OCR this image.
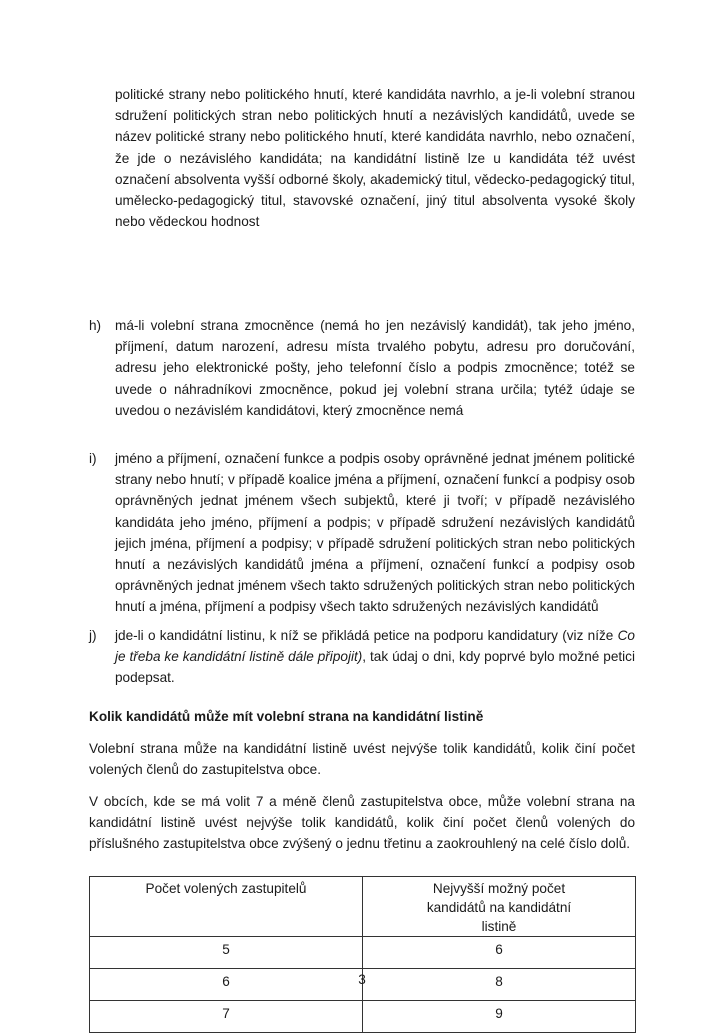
politické strany nebo politického hnutí, které kandidáta navrhlo, a je-li volební stranou sdružení politických stran nebo politických hnutí a nezávislých kandidátů, uvede se název politické strany nebo politického hnutí, které kandidáta navrhlo, nebo označení, že jde o nezávislého kandidáta; na kandidátní listině lze u kandidáta též uvést označení absolventa vyšší odborné školy, akademický titul, vědecko-pedagogický titul, umělecko-pedagogický titul, stavovské označení, jiný titul absolventa vysoké školy nebo vědeckou hodnost
h) má-li volební strana zmocněnce (nemá ho jen nezávislý kandidát), tak jeho jméno, příjmení, datum narození, adresu místa trvalého pobytu, adresu pro doručování, adresu jeho elektronické pošty, jeho telefonní číslo a podpis zmocněnce; totéž se uvede o náhradníkovi zmocněnce, pokud jej volební strana určila; tytéž údaje se uvedou o nezávislém kandidátovi, který zmocněnce nemá
i) jméno a příjmení, označení funkce a podpis osoby oprávněné jednat jménem politické strany nebo hnutí; v případě koalice jména a příjmení, označení funkcí a podpisy osob oprávněných jednat jménem všech subjektů, které ji tvoří; v případě nezávislého kandidáta jeho jméno, příjmení a podpis; v případě sdružení nezávislých kandidátů jejich jména, příjmení a podpisy; v případě sdružení politických stran nebo politických hnutí a nezávislých kandidátů jména a příjmení, označení funkcí a podpisy osob oprávněných jednat jménem všech takto sdružených politických stran nebo politických hnutí a jména, příjmení a podpisy všech takto sdružených nezávislých kandidátů
j) jde-li o kandidátní listinu, k níž se přikládá petice na podporu kandidatury (viz níže Co je třeba ke kandidátní listině dále připojit), tak údaj o dni, kdy poprvé bylo možné petici podepsat.
Kolik kandidátů může mít volební strana na kandidátní listině
Volební strana může na kandidátní listině uvést nejvýše tolik kandidátů, kolik činí počet volených členů do zastupitelstva obce.
V obcích, kde se má volit 7 a méně členů zastupitelstva obce, může volební strana na kandidátní listině uvést nejvýše tolik kandidátů, kolik činí počet členů volených do příslušného zastupitelstva obce zvýšený o jednu třetinu a zaokrouhlený na celé číslo dolů.
Počet volených zastupitelů	Nejvyšší možný počet kandidátů na kandidátní listině
5	6
6	8
7	9
3
